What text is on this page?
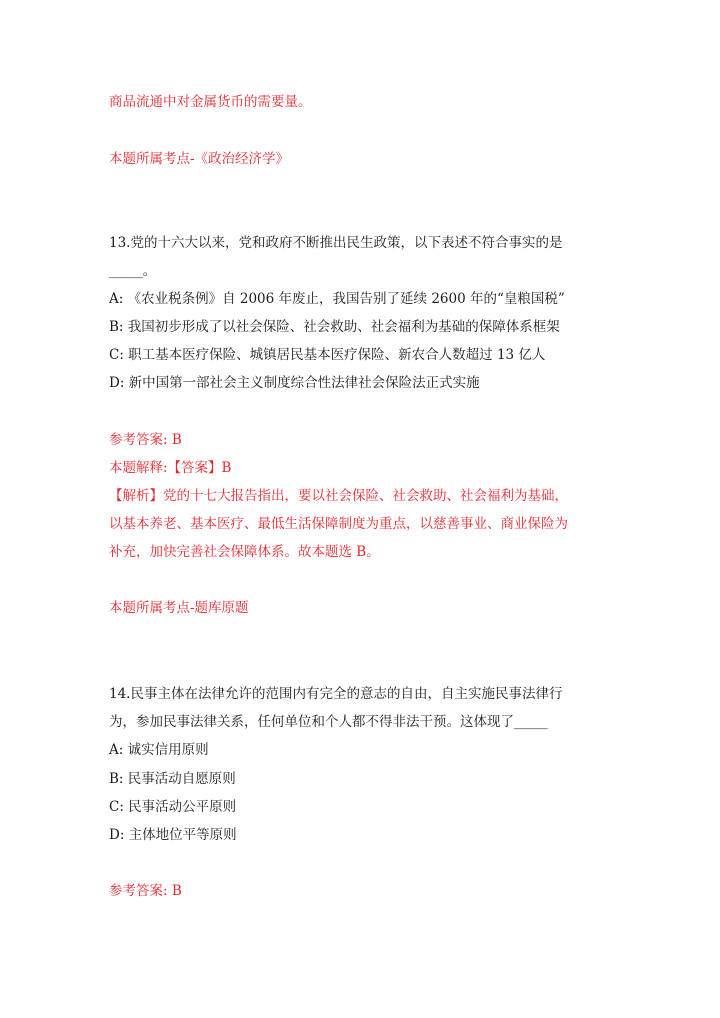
商品流通中对金属货币的需要量。
本题所属考点-《政治经济学》
13.党的十六大以来，党和政府不断推出民生政策，以下表述不符合事实的是
_____。
A: 《农业税条例》自 2006 年废止，我国告别了延续 2600 年的“皇粮国税”
B: 我国初步形成了以社会保险、社会救助、社会福利为基础的保障体系框架
C: 职工基本医疗保险、城镇居民基本医疗保险、新农合人数超过 13 亿人
D: 新中国第一部社会主义制度综合性法律社会保险法正式实施
参考答案: B
本题解释:【答案】B
【解析】党的十七大报告指出，要以社会保险、社会救助、社会福利为基础，
以基本养老、基本医疗、最低生活保障制度为重点，以慈善事业、商业保险为
补充，加快完善社会保障体系。故本题选 B。
本题所属考点-题库原题
14.民事主体在法律允许的范围内有完全的意志的自由，自主实施民事法律行
为，参加民事法律关系，任何单位和个人都不得非法干预。这体现了_____
A: 诚实信用原则
B: 民事活动自愿原则
C: 民事活动公平原则
D: 主体地位平等原则
参考答案: B
